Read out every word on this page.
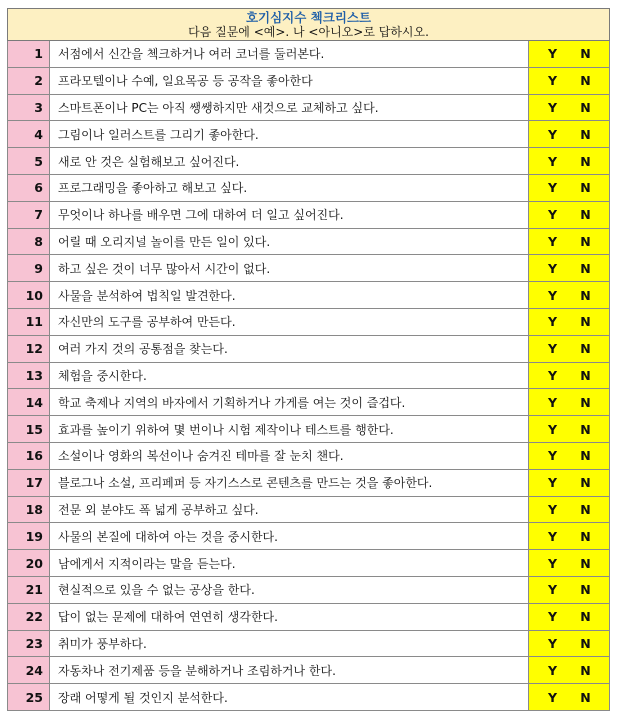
호기심지수 첵크리스트
다음 질문에 <예>. 나 <아니오>로 답하시오.		

1	서점에서 신간을 첵크하거나 여러 코너를 둘러본다.	Y N
2	프라모텔이나 수예, 일요목공 등 공작을 좋아한다	Y N
3	스마트폰이나 PC는 아직 쌩쌩하지만 새것으로 교체하고 싶다.	Y N
4	그림이나 일러스트를 그리기 좋아한다.	Y N
5	새로 안 것은 실험해보고 싶어진다.	Y N
6	프로그래밍을 좋아하고 해보고 싶다.	Y N
7	무엇이나 하나를 배우면 그에 대하여 더 일고 싶어진다.	Y N
8	어릴 때 오리지널 놀이를 만든 일이 있다.	Y N
9	하고 싶은 것이 너무 많아서 시간이 없다.	Y N
10	사물을 분석하여 법칙일 발견한다.	Y N
11	자신만의 도구를 공부하여 만든다.	Y N
12	여러 가지 것의 공통점을 찾는다.	Y N
13	체험을 중시한다.	Y N
14	학교 축제나 지역의 바자에서 기획하거나 가게를 여는 것이 즐겁다.	Y N
15	효과를 높이기 위하여 몇 번이나 시험 제작이나 테스트를 행한다.	Y N
16	소설이나 영화의 복선이나 숨겨진 테마를 잘 눈치 챈다.	Y N
17	블로그나 소설, 프리페퍼 등 자기스스로 콘텐츠를 만드는 것을 좋아한다.	Y N
18	전문 외 분야도 폭 넓게 공부하고 싶다.	Y N
19	사물의 본질에 대하여 아는 것을 중시한다.	Y N
20	남에게서 지적이라는 말을 듣는다.	Y N
21	현실적으로 있을 수 없는 공상을 한다.	Y N
22	답이 없는 문제에 대하여 연연히 생각한다.	Y N
23	취미가 풍부하다.	Y N
24	자동차나 전기제품 등을 분해하거나 조림하거나 한다.	Y N
25	장래 어떻게 될 것인지 분석한다.	Y N
